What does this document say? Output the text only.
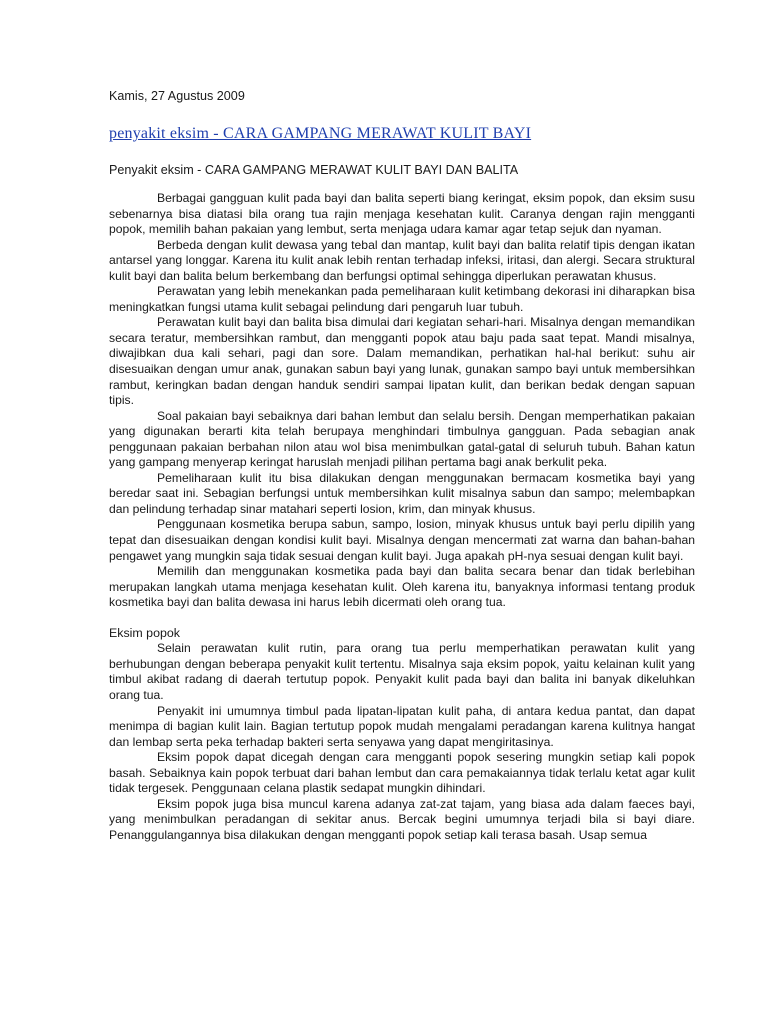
Kamis, 27 Agustus 2009
penyakit eksim - CARA GAMPANG MERAWAT KULIT BAYI
Penyakit eksim - CARA GAMPANG MERAWAT KULIT BAYI DAN BALITA

Berbagai gangguan kulit pada bayi dan balita seperti biang keringat, eksim popok, dan eksim susu sebenarnya bisa diatasi bila orang tua rajin menjaga kesehatan kulit. Caranya dengan rajin mengganti popok, memilih bahan pakaian yang lembut, serta menjaga udara kamar agar tetap sejuk dan nyaman.

Berbeda dengan kulit dewasa yang tebal dan mantap, kulit bayi dan balita relatif tipis dengan ikatan antarsel yang longgar. Karena itu kulit anak lebih rentan terhadap infeksi, iritasi, dan alergi. Secara struktural kulit bayi dan balita belum berkembang dan berfungsi optimal sehingga diperlukan perawatan khusus.

Perawatan yang lebih menekankan pada pemeliharaan kulit ketimbang dekorasi ini diharapkan bisa meningkatkan fungsi utama kulit sebagai pelindung dari pengaruh luar tubuh.

Perawatan kulit bayi dan balita bisa dimulai dari kegiatan sehari-hari. Misalnya dengan memandikan secara teratur, membersihkan rambut, dan mengganti popok atau baju pada saat tepat. Mandi misalnya, diwajibkan dua kali sehari, pagi dan sore. Dalam memandikan, perhatikan hal-hal berikut: suhu air disesuaikan dengan umur anak, gunakan sabun bayi yang lunak, gunakan sampo bayi untuk membersihkan rambut, keringkan badan dengan handuk sendiri sampai lipatan kulit, dan berikan bedak dengan sapuan tipis.

Soal pakaian bayi sebaiknya dari bahan lembut dan selalu bersih. Dengan memperhatikan pakaian yang digunakan berarti kita telah berupaya menghindari timbulnya gangguan. Pada sebagian anak penggunaan pakaian berbahan nilon atau wol bisa menimbulkan gatal-gatal di seluruh tubuh. Bahan katun yang gampang menyerap keringat haruslah menjadi pilihan pertama bagi anak berkulit peka.

Pemeliharaan kulit itu bisa dilakukan dengan menggunakan bermacam kosmetika bayi yang beredar saat ini. Sebagian berfungsi untuk membersihkan kulit misalnya sabun dan sampo; melembapkan dan pelindung terhadap sinar matahari seperti losion, krim, dan minyak khusus.

Penggunaan kosmetika berupa sabun, sampo, losion, minyak khusus untuk bayi perlu dipilih yang tepat dan disesuaikan dengan kondisi kulit bayi. Misalnya dengan mencermati zat warna dan bahan-bahan pengawet yang mungkin saja tidak sesuai dengan kulit bayi. Juga apakah pH-nya sesuai dengan kulit bayi.

Memilih dan menggunakan kosmetika pada bayi dan balita secara benar dan tidak berlebihan merupakan langkah utama menjaga kesehatan kulit. Oleh karena itu, banyaknya informasi tentang produk kosmetika bayi dan balita dewasa ini harus lebih dicermati oleh orang tua.

Eksim popok

Selain perawatan kulit rutin, para orang tua perlu memperhatikan perawatan kulit yang berhubungan dengan beberapa penyakit kulit tertentu. Misalnya saja eksim popok, yaitu kelainan kulit yang timbul akibat radang di daerah tertutup popok. Penyakit kulit pada bayi dan balita ini banyak dikeluhkan orang tua.

Penyakit ini umumnya timbul pada lipatan-lipatan kulit paha, di antara kedua pantat, dan dapat menimpa di bagian kulit lain. Bagian tertutup popok mudah mengalami peradangan karena kulitnya hangat dan lembap serta peka terhadap bakteri serta senyawa yang dapat mengiritasinya.

Eksim popok dapat dicegah dengan cara mengganti popok sesering mungkin setiap kali popok basah. Sebaiknya kain popok terbuat dari bahan lembut dan cara pemakaiannya tidak terlalu ketat agar kulit tidak tergesek. Penggunaan celana plastik sedapat mungkin dihindari.

Eksim popok juga bisa muncul karena adanya zat-zat tajam, yang biasa ada dalam faeces bayi, yang menimbulkan peradangan di sekitar anus. Bercak begini umumnya terjadi bila si bayi diare. Penanggulangannya bisa dilakukan dengan mengganti popok setiap kali terasa basah. Usap semua
